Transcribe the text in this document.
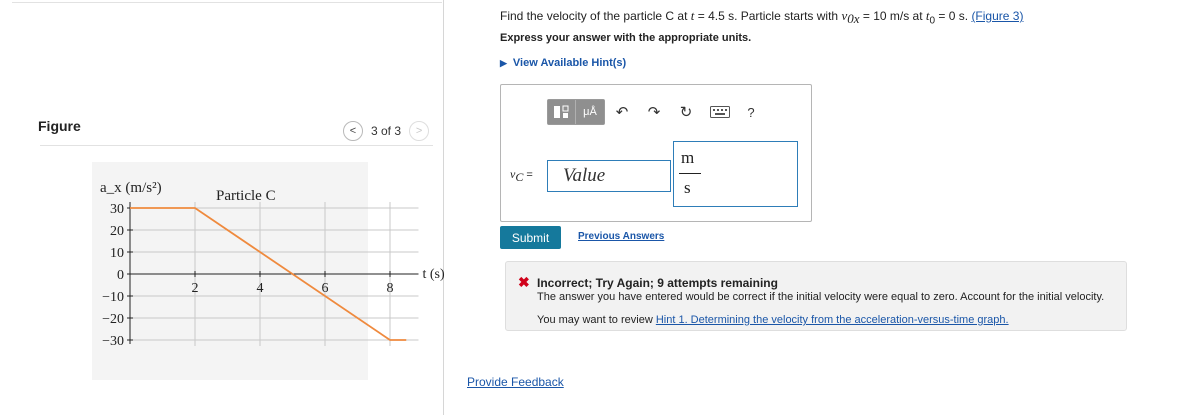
Figure	< 3 of 3 >
30
20
10
0
−10
−20
−30
2	4	6	8
a_x (m/s²)	Particle C
t (s)
Find the velocity of the particle C at t = 4.5 s. Particle starts with $v_{0x} = 10$ m/s at $t_0 = 0$ s. (Figure 3)
Express your answer with the appropriate units.
▶ View Available Hint(s)
μÅ ↶ ↷ ↻	?
$v_C$ =
Value
m
s
Submit	Previous Answers
✖ Incorrect; Try Again; 9 attempts remaining
The answer you have entered would be correct if the initial velocity were equal to zero. Account for the initial velocity.
You may want to review Hint 1. Determining the velocity from the acceleration-versus-time graph.
Provide Feedback
